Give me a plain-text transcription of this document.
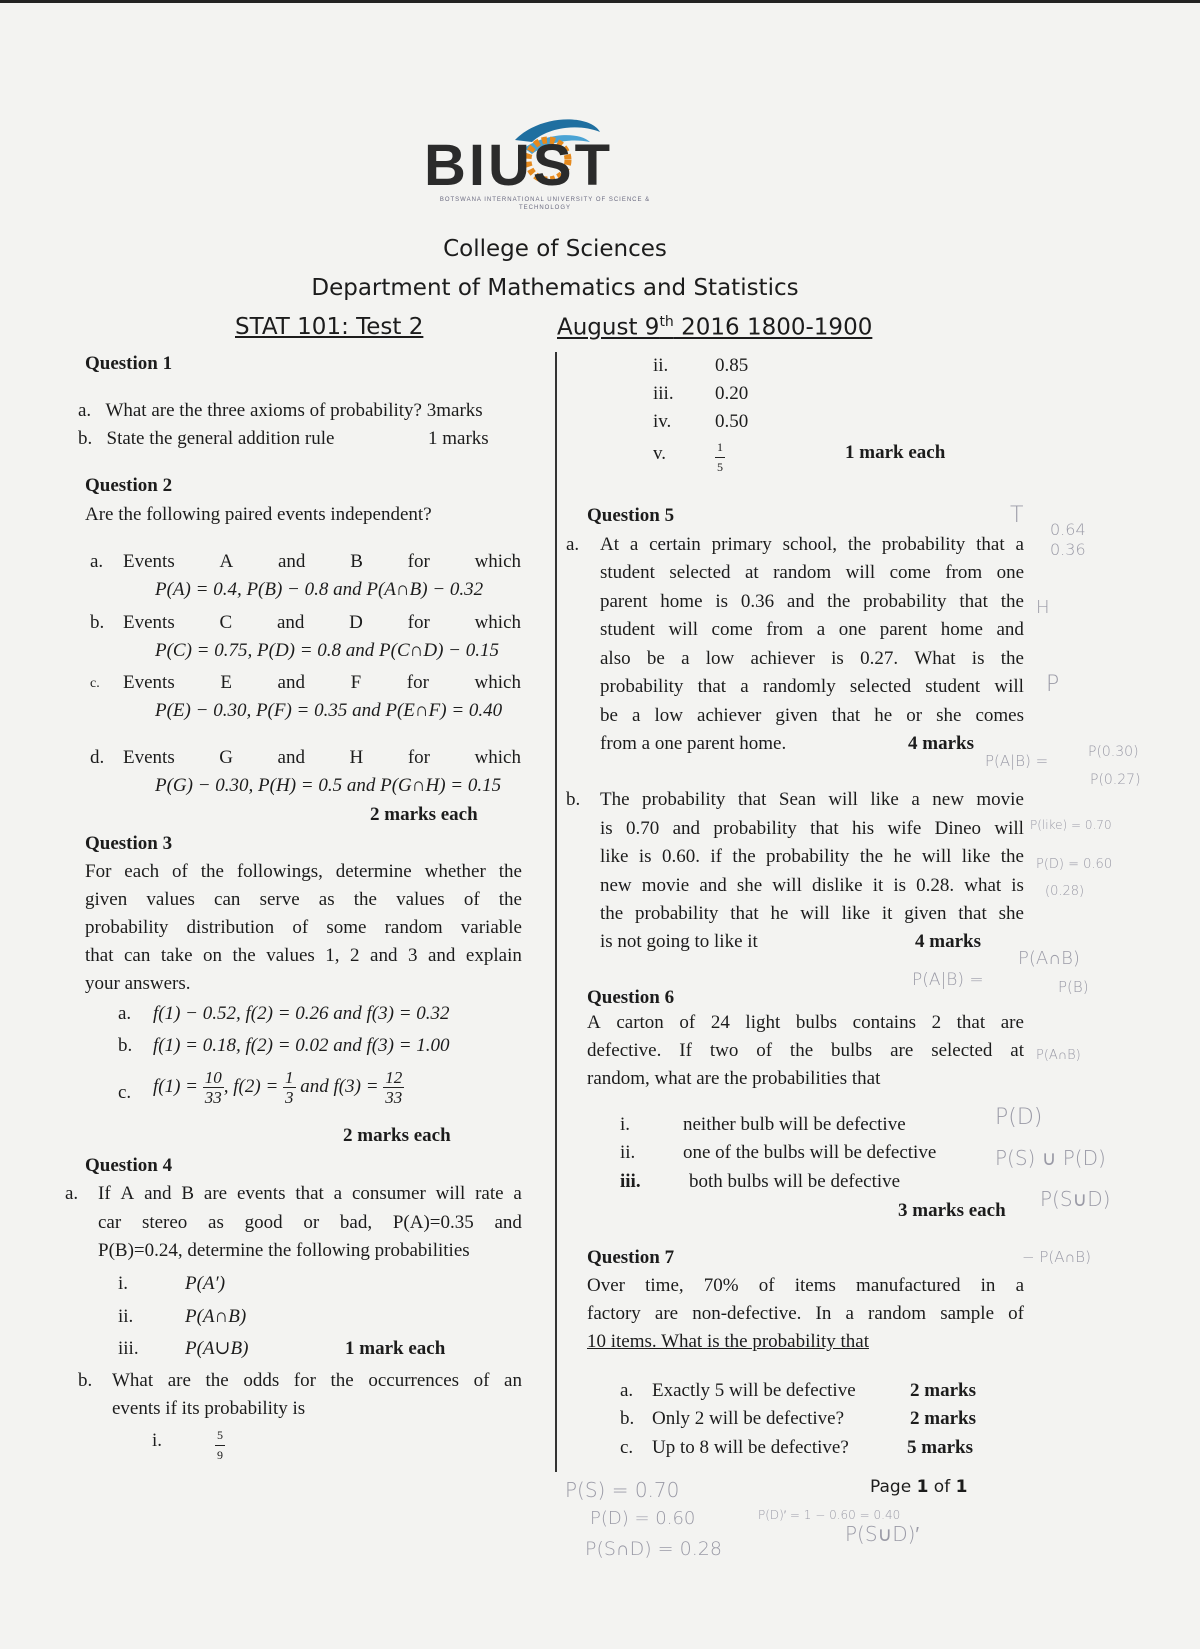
BIUST
BOTSWANA INTERNATIONAL UNIVERSITY OF SCIENCE & TECHNOLOGY
College of Sciences
Department of Mathematics and Statistics
STAT 101: Test 2	August 9th 2016 1800-1900
Question 1
a. What are the three axioms of probability? 3marks
b. State the general addition rule	1 marks
Question 2
Are the following paired events independent?
a. Events A and B for which
P(A) = 0.4, P(B) − 0.8 and P(A∩B) − 0.32
b. Events C and D for which
P(C) = 0.75, P(D) = 0.8 and P(C∩D) − 0.15
c. Events E and F for which
P(E) − 0.30, P(F) = 0.35 and P(E∩F) = 0.40
d. Events G and H for which
P(G) − 0.30, P(H) = 0.5 and P(G∩H) = 0.15
2 marks each
Question 3
For each of the followings, determine whether the
given values can serve as the values of the
probability distribution of some random variable
that can take on the values 1, 2 and 3 and explain
your answers.
a. f(1) − 0.52, f(2) = 0.26 and f(3) = 0.32
b. f(1) = 0.18, f(2) = 0.02 and f(3) = 1.00
c. $f(1) = \frac{10}{33}$ , $f(2) = \frac{1}{3}$ and $f(3) = \frac{12}{33}$
2 marks each
Question 4
a. If A and B are events that a consumer will rate a
car stereo as good or bad, P(A)=0.35 and
P(B)=0.24, determine the following probabilities
i.	P(A′)
ii.	P(A∩B)
iii. P(A∪B)	1 mark each
b. What are the odds for the occurrences of an
events if its probability is
i.	$\frac{5}{9}$
ii. 0.85
iii. 0.20
iv. 0.50
v.	$\frac{1}{5}$	1 mark each
Question 5
a. At a certain primary school, the probability that a
student selected at random will come from one
parent home is 0.36 and the probability that the
student will come from a one parent home and
also be a low achiever is 0.27. What is the
probability that a randomly selected student will
be a low achiever given that he or she comes
from a one parent home.	4 marks
b. The probability that Sean will like a new movie
is 0.70 and probability that his wife Dineo will
like is 0.60. if the probability the he will like the
new movie and she will dislike it is 0.28. what is
the probability that he will like it given that she
is not going to like it	4 marks
Question 6
A carton of 24 light bulbs contains 2 that are
defective. If two of the bulbs are selected at
random, what are the probabilities that
i.	neither bulb will be defective
ii.	one of the bulbs will be defective
iii.	both bulbs will be defective
3 marks each
Question 7
Over time, 70% of items manufactured in a
factory are non-defective. In a random sample of
10 items. What is the probability that
a. Exactly 5 will be defective	2 marks
b. Only 2 will be defective?	2 marks
c. Up to 8 will be defective?	5 marks
Page 1 of 1
T
0.64
0.36
H
P
P(A|B) =	P(0.30)
P(0.27)
P(like) = 0.70
P(D) = 0.60
(0.28)
P(A|B) =
P(A∩B)
P(B)
P(A∩B)
P(D)
P(S) ∪ P(D)
P(S∪D)
− P(A∩B)
P(S) = 0.70
P(D) = 0.60	P(D)′ = 1 − 0.60 = 0.40
P(S∪D)′
P(S∩D) = 0.28
